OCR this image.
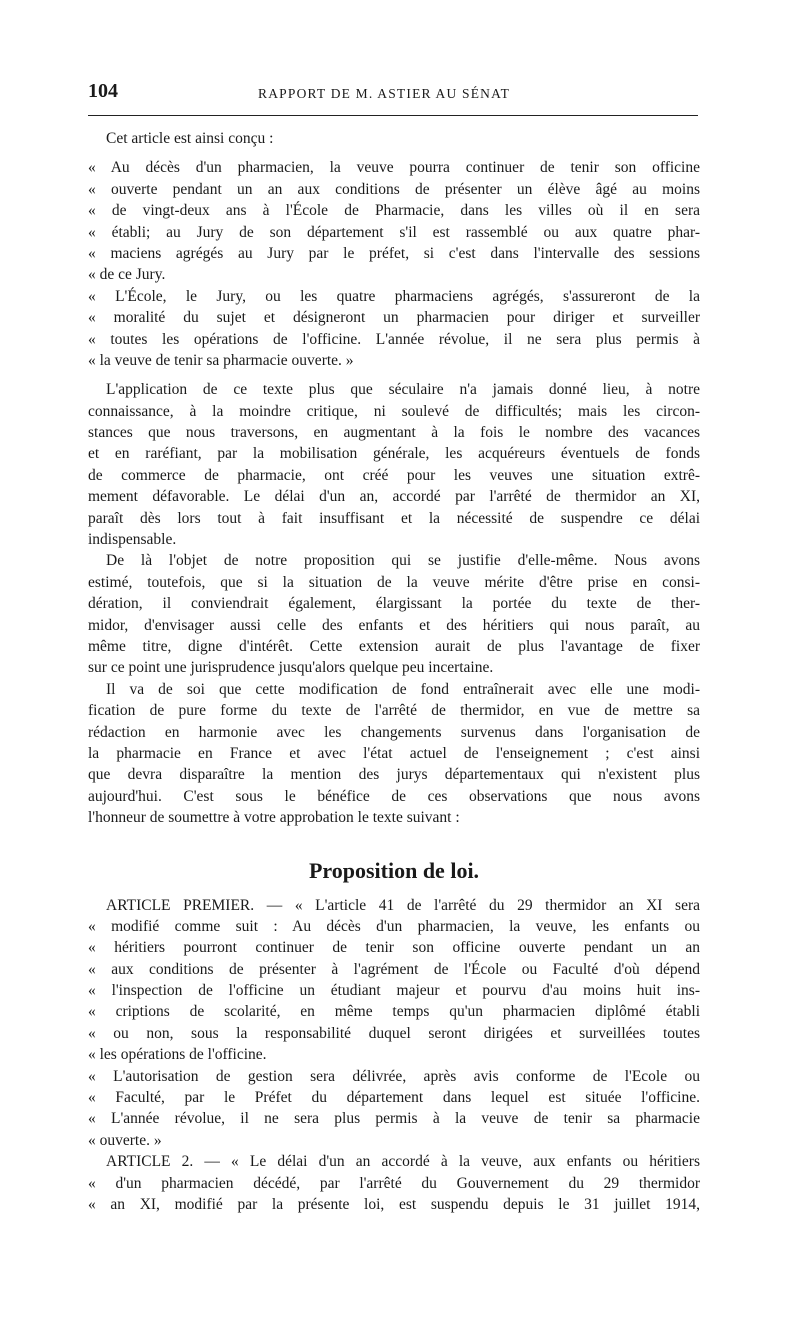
104	RAPPORT DE M. ASTIER AU SÉNAT
Cet article est ainsi conçu :
« Au décès d'un pharmacien, la veuve pourra continuer de tenir son officine
« ouverte pendant un an aux conditions de présenter un élève âgé au moins
« de vingt-deux ans à l'École de Pharmacie, dans les villes où il en sera
« établi; au Jury de son département s'il est rassemblé ou aux quatre phar-
« maciens agrégés au Jury par le préfet, si c'est dans l'intervalle des sessions
« de ce Jury.
« L'École, le Jury, ou les quatre pharmaciens agrégés, s'assureront de la
« moralité du sujet et désigneront un pharmacien pour diriger et surveiller
« toutes les opérations de l'officine. L'année révolue, il ne sera plus permis à
« la veuve de tenir sa pharmacie ouverte. »
L'application de ce texte plus que séculaire n'a jamais donné lieu, à notre
connaissance, à la moindre critique, ni soulevé de difficultés; mais les circon-
stances que nous traversons, en augmentant à la fois le nombre des vacances
et en raréfiant, par la mobilisation générale, les acquéreurs éventuels de fonds
de commerce de pharmacie, ont créé pour les veuves une situation extrê-
mement défavorable. Le délai d'un an, accordé par l'arrêté de thermidor an XI,
paraît dès lors tout à fait insuffisant et la nécessité de suspendre ce délai
indispensable.
De là l'objet de notre proposition qui se justifie d'elle-même. Nous avons
estimé, toutefois, que si la situation de la veuve mérite d'être prise en consi-
dération, il conviendrait également, élargissant la portée du texte de ther-
midor, d'envisager aussi celle des enfants et des héritiers qui nous paraît, au
même titre, digne d'intérêt. Cette extension aurait de plus l'avantage de fixer
sur ce point une jurisprudence jusqu'alors quelque peu incertaine.
Il va de soi que cette modification de fond entraînerait avec elle une modi-
fication de pure forme du texte de l'arrêté de thermidor, en vue de mettre sa
rédaction en harmonie avec les changements survenus dans l'organisation de
la pharmacie en France et avec l'état actuel de l'enseignement ; c'est ainsi
que devra disparaître la mention des jurys départementaux qui n'existent plus
aujourd'hui. C'est sous le bénéfice de ces observations que nous avons
l'honneur de soumettre à votre approbation le texte suivant :
Proposition de loi.
ARTICLE PREMIER. — « L'article 41 de l'arrêté du 29 thermidor an XI sera
« modifié comme suit : Au décès d'un pharmacien, la veuve, les enfants ou
« héritiers pourront continuer de tenir son officine ouverte pendant un an
« aux conditions de présenter à l'agrément de l'École ou Faculté d'où dépend
« l'inspection de l'officine un étudiant majeur et pourvu d'au moins huit ins-
« criptions de scolarité, en même temps qu'un pharmacien diplômé établi
« ou non, sous la responsabilité duquel seront dirigées et surveillées toutes
« les opérations de l'officine.
« L'autorisation de gestion sera délivrée, après avis conforme de l'Ecole ou
« Faculté, par le Préfet du département dans lequel est située l'officine.
« L'année révolue, il ne sera plus permis à la veuve de tenir sa pharmacie
« ouverte. »
ARTICLE 2. — « Le délai d'un an accordé à la veuve, aux enfants ou héritiers
« d'un pharmacien décédé, par l'arrêté du Gouvernement du 29 thermidor
« an XI, modifié par la présente loi, est suspendu depuis le 31 juillet 1914,
